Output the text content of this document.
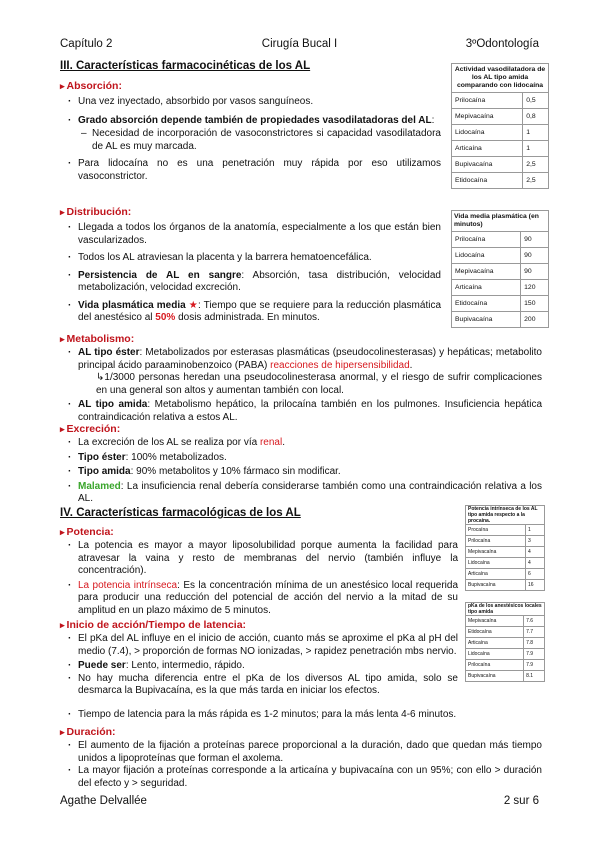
Capítulo 2	Cirugía Bucal I	3ºOdontología
III. Características farmacocinéticas de los AL
▸ Absorción:
· Una vez inyectado, absorbido por vasos sanguíneos.
· Grado absorción depende también de propiedades vasodilatadoras del AL:
– Necesidad de incorporación de vasoconstrictores si capacidad vasodilatadora de AL es muy marcada.
· Para lidocaína no es una penetración muy rápida por eso utilizamos vasoconstrictor.
Actividad vasodilatadora de los AL tipo amida comparando con lidocaína	
Prilocaína	0,5
Mepivacaína	0,8
Lidocaína	1
Articaína	1
Bupivacaína	2,5
Etidocaína	2,5
▸ Distribución:
· Llegada a todos los órganos de la anatomía, especialmente a los que están bien vascularizados.
· Todos los AL atraviesan la placenta y la barrera hematoencefálica.
· Persistencia de AL en sangre: Absorción, tasa distribución, velocidad metabolización, velocidad excreción.
· Vida plasmática media ★: Tiempo que se requiere para la reducción plasmática del anestésico al 50% dosis administrada. En minutos.
Vida media plasmática (en minutos)	
Prilocaína	90
Lidocaína	90
Mepivacaína	90
Articaína	120
Etidocaína	150
Bupivacaína	200
▸ Metabolismo:
· AL tipo éster: Metabolizados por esterasas plasmáticas (pseudocolinesterasas) y hepáticas; metabolito principal ácido paraaminobenzoico (PABA) reacciones de hipersensibilidad.
↳1/3000 personas heredan una pseudocolinesterasa anormal, y el riesgo de sufrir complicaciones en una general son altos y aumentan también con local.
· AL tipo amida: Metabolismo hepático, la prilocaína también en los pulmones. Insuficiencia hepática contraindicación relativa a estos AL.
▸ Excreción:
· La excreción de los AL se realiza por vía renal.
· Tipo éster: 100% metabolizados.
· Tipo amida: 90% metabolitos y 10% fármaco sin modificar.
· Malamed: La insuficiencia renal debería considerarse también como una contraindicación relativa a los AL.
IV. Características farmacológicas de los AL
▸ Potencia:
· La potencia es mayor a mayor liposolubilidad porque aumenta la facilidad para atravesar la vaina y resto de membranas del nervio (también influye la concentración).
· La potencia intrínseca: Es la concentración mínima de un anestésico local requerida para producir una reducción del potencial de acción del nervio a la mitad de su amplitud en un plazo máximo de 5 minutos.
Potencia intrínseca de los AL tipo amida respecto a la procaína.	
Procaína	1
Prilocaína	3
Mepivacaína	4
Lidocaína	4
Articaína	6
Bupivacaína	16
pKa de los anestésicos locales tipo amida	
Mepivacaína	7.6
Etidocaína	7.7
Articaína	7.8
Lidocaína	7.9
Prilocaína	7.9
Bupivacaína	8.1
▸ Inicio de acción/Tiempo de latencia:
· El pKa del AL influye en el inicio de acción, cuanto más se aproxime el pKa al pH del medio (7.4), > proporción de formas NO ionizadas, > rapidez penetración mbs nervio.
· Puede ser: Lento, intermedio, rápido.
· No hay mucha diferencia entre el pKa de los diversos AL tipo amida, solo se desmarca la Bupivacaína, es la que más tarda en iniciar los efectos.
· Tiempo de latencia para la más rápida es 1-2 minutos; para la más lenta 4-6 minutos.
▸ Duración:
· El aumento de la fijación a proteínas parece proporcional a la duración, dado que quedan más tiempo unidos a lipoproteínas que forman el axolema.
· La mayor fijación a proteínas corresponde a la articaína y bupivacaína con un 95%; con ello > duración del efecto y > seguridad.
Agathe Delvallée	2 sur 6
